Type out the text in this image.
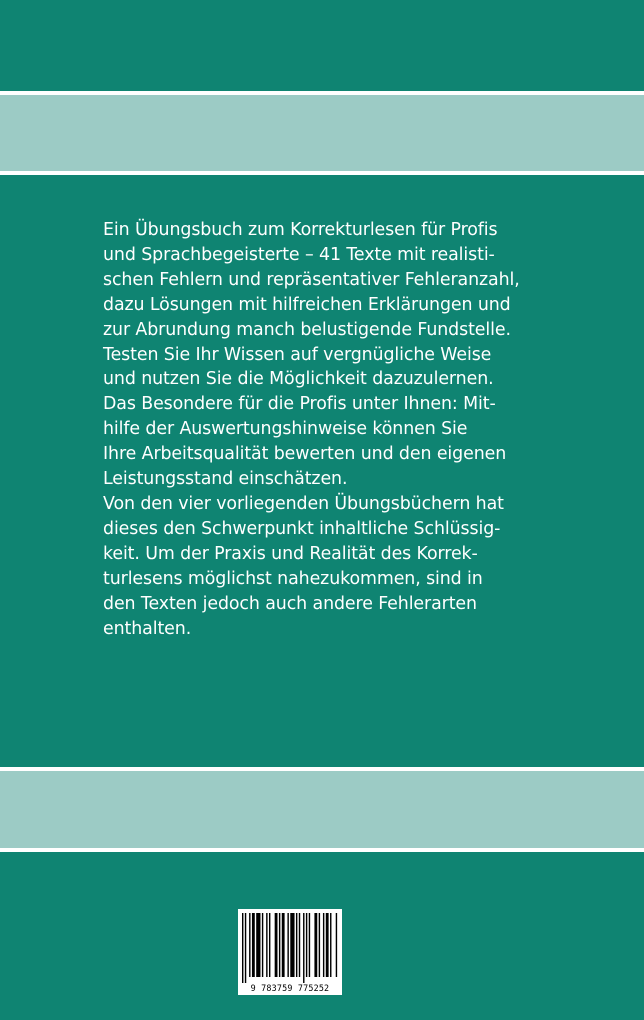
Ein Übungsbuch zum Korrekturlesen für Profis
und Sprachbegeisterte – 41 Texte mit realisti-
schen Fehlern und repräsentativer Fehleranzahl,
dazu Lösungen mit hilfreichen Erklärungen und
zur Abrundung manch belustigende Fundstelle.
Testen Sie Ihr Wissen auf vergnügliche Weise
und nutzen Sie die Möglichkeit dazuzulernen.
Das Besondere für die Profis unter Ihnen: Mit-
hilfe der Auswertungshinweise können Sie
Ihre Arbeitsqualität bewerten und den eigenen
Leistungsstand einschätzen.
Von den vier vorliegenden Übungsbüchern hat
dieses den Schwerpunkt inhaltliche Schlüssig-
keit. Um der Praxis und Realität des Korrek-
turlesens möglichst nahezukommen, sind in
den Texten jedoch auch andere Fehlerarten
enthalten.
9 783759 775252
